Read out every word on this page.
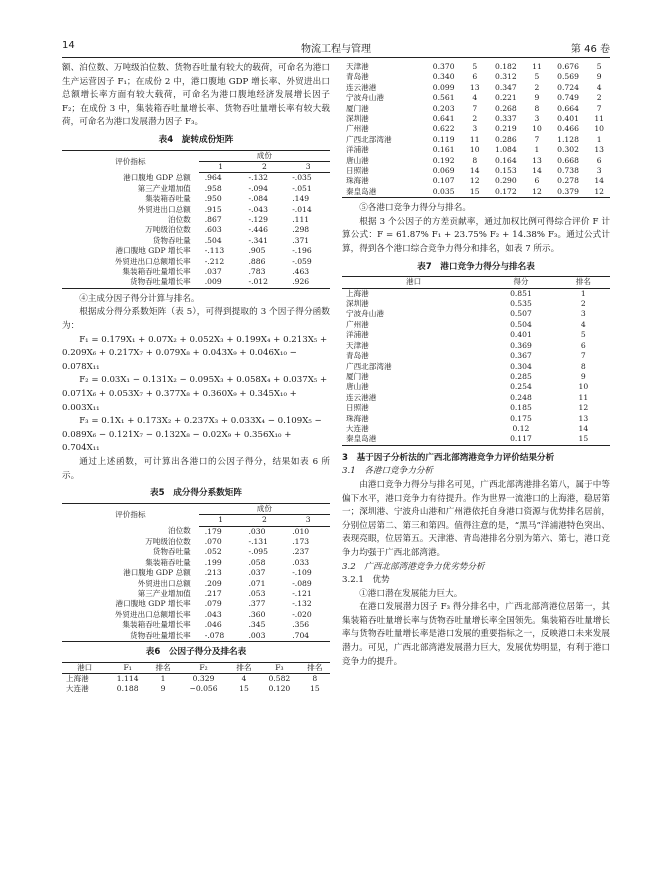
14	物流工程与管理	第 46 卷

额、泊位数、万吨级泊位数、货物吞吐量有较大的载荷，可命名为港口生产运营因子 F₁；在成份 2 中，港口腹地 GDP 增长率、外贸进出口总额增长率方面有较大载荷，可命名为港口腹地经济发展增长因子 F₂；在成份 3 中，集装箱吞吐量增长率、货物吞吐量增长率有较大载荷，可命名为港口发展潜力因子 F₃。

表4　旋转成份矩阵
评价指标	成份		
	1	2	3
港口腹地 GDP 总额	.964	-.132	-.035
第三产业增加值	.958	-.094	-.051
集装箱吞吐量	.950	-.084	.149
外贸进出口总额	.915	-.043	-.014
泊位数	.867	-.129	.111
万吨级泊位数	.603	-.446	.298
货物吞吐量	.504	-.341	.371
港口腹地 GDP 增长率	-.113	.905	-.196
外贸进出口总额增长率	-.212	.886	-.059
集装箱吞吐量增长率	.037	.783	.463
货物吞吐量增长率	.009	-.012	.926

④主成分因子得分计算与排名。

根据成分得分系数矩阵（表 5），可得到提取的 3 个因子得分函数为：

F₁ = 0.179X₁ + 0.07X₂ + 0.052X₃ + 0.199X₄ + 0.213X₅ + 0.209X₆ + 0.217X₇ + 0.079X₈ + 0.043X₉ + 0.046X₁₀ − 0.078X₁₁

F₂ = 0.03X₁ − 0.131X₂ − 0.095X₃ + 0.058X₄ + 0.037X₅ + 0.071X₆ + 0.053X₇ + 0.377X₈ + 0.360X₉ + 0.345X₁₀ + 0.003X₁₁

F₃ = 0.1X₁ + 0.173X₂ + 0.237X₃ + 0.033X₄ − 0.109X₅ − 0.089X₆ − 0.121X₇ − 0.132X₈ − 0.02X₉ + 0.356X₁₀ + 0.704X₁₁

通过上述函数，可计算出各港口的公因子得分，结果如表 6 所示。

表5　成分得分系数矩阵
评价指标	成份		
	1	2	3
泊位数	.179	.030	.010
万吨级泊位数	.070	-.131	.173
货物吞吐量	.052	-.095	.237
集装箱吞吐量	.199	.058	.033
港口腹地 GDP 总额	.213	.037	-.109
外贸进出口总额	.209	.071	-.089
第三产业增加值	.217	.053	-.121
港口腹地 GDP 增长率	.079	.377	-.132
外贸进出口总额增长率	.043	.360	-.020
集装箱吞吐量增长率	.046	.345	.356
货物吞吐量增长率	-.078	.003	.704
表6　公因子得分及排名表
港口	F₁	排名	F₂	排名	F₃	排名
上海港	1.114	1	0.329	4	0.582	8
大连港	0.188	9	−0.056	15	0.120	15
天津港	0.370	5	0.182	11	0.676	5
青岛港	0.340	6	0.312	5	0.569	9
连云港港	0.099	13	0.347	2	0.724	4
宁波舟山港	0.561	4	0.221	9	0.749	2
厦门港	0.203	7	0.268	8	0.664	7
深圳港	0.641	2	0.337	3	0.401	11
广州港	0.622	3	0.219	10	0.466	10
广西北部湾港	0.119	11	0.286	7	1.128	1
洋浦港	0.161	10	1.084	1	0.302	13
唐山港	0.192	8	0.164	13	0.668	6
日照港	0.069	14	0.153	14	0.738	3
珠海港	0.107	12	0.290	6	0.278	14
秦皇岛港	0.035	15	0.172	12	0.379	12

⑤各港口竞争力得分与排名。

根据 3 个公因子的方差贡献率，通过加权比例可得综合评价 F 计算公式：F = 61.87% F₁ + 23.75% F₂ + 14.38% F₃。通过公式计算，得到各个港口综合竞争力得分和排名，如表 7 所示。

表7　港口竞争力得分与排名表
港口	得分	排名
上海港	0.851	1
深圳港	0.535	2
宁波舟山港	0.507	3
广州港	0.504	4
洋浦港	0.401	5
天津港	0.369	6
青岛港	0.367	7
广西北部湾港	0.304	8
厦门港	0.285	9
唐山港	0.254	10
连云港港	0.248	11
日照港	0.185	12
珠海港	0.175	13
大连港	0.12	14
秦皇岛港	0.117	15

3　基于因子分析法的广西北部湾港竞争力评价结果分析

3.1　各港口竞争力分析

由港口竞争力得分与排名可见，广西北部湾港排名第八，属于中等偏下水平，港口竞争力有待提升。作为世界一流港口的上海港，稳居第一；深圳港、宁波舟山港和广州港依托自身港口资源与优势排名居前，分别位居第二、第三和第四。值得注意的是，“黑马”洋浦港特色突出、表现亮眼，位居第五。天津港、青岛港排名分别为第六、第七，港口竞争力均强于广西北部湾港。

3.2　广西北部湾港竞争力优劣势分析

3.2.1　优势

①港口潜在发展能力巨大。

在港口发展潜力因子 F₃ 得分排名中，广西北部湾港位居第一，其集装箱吞吐量增长率与货物吞吐量增长率全国领先。集装箱吞吐量增长率与货物吞吐量增长率是港口发展的重要指标之一，反映港口未来发展潜力。可见，广西北部湾港发展潜力巨大，发展优势明显，有利于港口竞争力的提升。
